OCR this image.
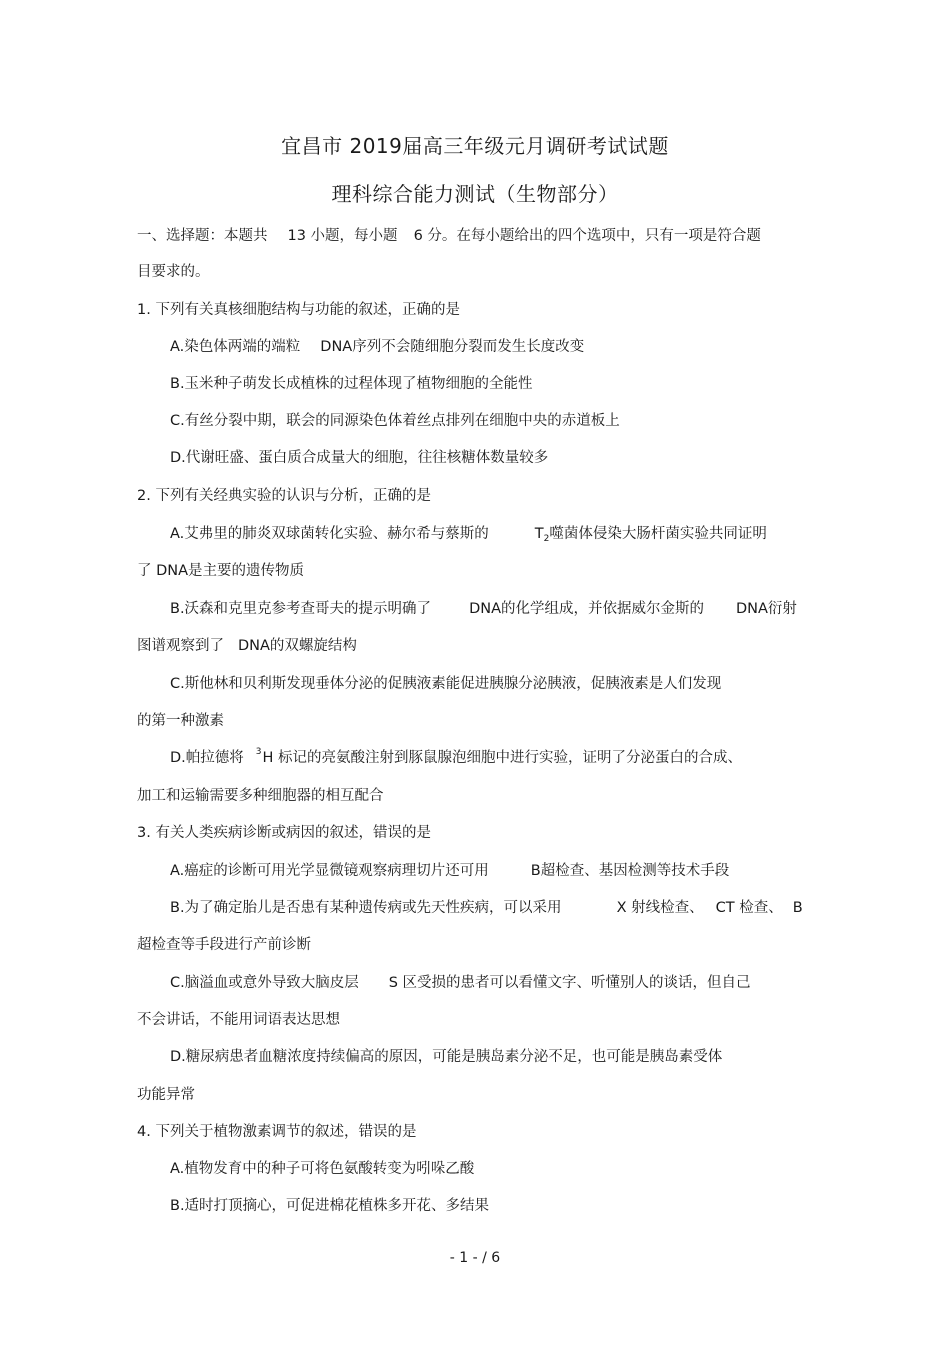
宜昌市 2019届高三年级元月调研考试试题
理科综合能力测试（生物部分）
一、选择题：本题共 13 小题，每小题 6 分。在每小题给出的四个选项中，只有一项是符合题
目要求的。
1. 下列有关真核细胞结构与功能的叙述，正确的是
A.染色体两端的端粒 DNA序列不会随细胞分裂而发生长度改变
B.玉米种子萌发长成植株的过程体现了植物细胞的全能性
C.有丝分裂中期，联会的同源染色体着丝点排列在细胞中央的赤道板上
D.代谢旺盛、蛋白质合成量大的细胞，往往核糖体数量较多
2. 下列有关经典实验的认识与分析，正确的是
A.艾弗里的肺炎双球菌转化实验、赫尔希与蔡斯的	$T_2$噬菌体侵染大肠杆菌实验共同证明
了 DNA是主要的遗传物质
B.沃森和克里克参考查哥夫的提示明确了	DNA的化学组成，并依据威尔金斯的 DNA衍射
图谱观察到了 DNA的双螺旋结构
C.斯他林和贝利斯发现垂体分泌的促胰液素能促进胰腺分泌胰液，促胰液素是人们发现
的第一种激素
D.帕拉德将 $^3$H 标记的亮氨酸注射到豚鼠腺泡细胞中进行实验，证明了分泌蛋白的合成、
加工和运输需要多种细胞器的相互配合
3. 有关人类疾病诊断或病因的叙述，错误的是
A.癌症的诊断可用光学显微镜观察病理切片还可用	B超检查、基因检测等技术手段
B.为了确定胎儿是否患有某种遗传病或先天性疾病，可以采用	X 射线检查、 CT 检查、 B
超检查等手段进行产前诊断
C.脑溢血或意外导致大脑皮层 S 区受损的患者可以看懂文字、听懂别人的谈话，但自己
不会讲话，不能用词语表达思想
D.糖尿病患者血糖浓度持续偏高的原因，可能是胰岛素分泌不足，也可能是胰岛素受体
功能异常
4. 下列关于植物激素调节的叙述，错误的是
A.植物发育中的种子可将色氨酸转变为吲哚乙酸
B.适时打顶摘心，可促进棉花植株多开花、多结果
- 1 - / 6
